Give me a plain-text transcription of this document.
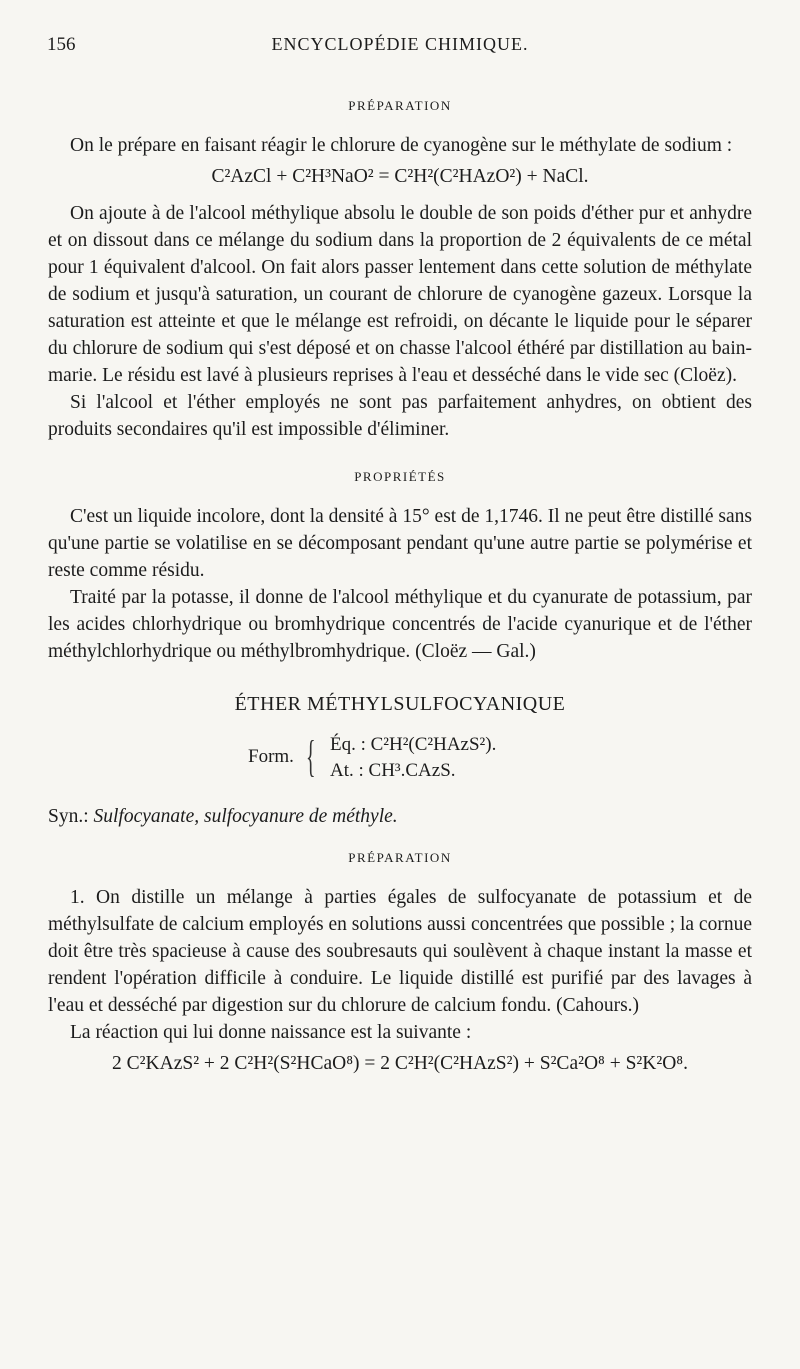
156	ENCYCLOPÉDIE CHIMIQUE.
PRÉPARATION

On le prépare en faisant réagir le chlorure de cyanogène sur le méthylate de sodium :

C²AzCl + C²H³NaO² = C²H²(C²HAzO²) + NaCl.

On ajoute à de l'alcool méthylique absolu le double de son poids d'éther pur et anhydre et on dissout dans ce mélange du sodium dans la proportion de 2 équivalents de ce métal pour 1 équivalent d'alcool. On fait alors passer lentement dans cette solution de méthylate de sodium et jusqu'à saturation, un courant de chlorure de cyanogène gazeux. Lorsque la saturation est atteinte et que le mélange est refroidi, on décante le liquide pour le séparer du chlorure de sodium qui s'est déposé et on chasse l'alcool éthéré par distillation au bain-marie. Le résidu est lavé à plusieurs reprises à l'eau et desséché dans le vide sec (Cloëz).

Si l'alcool et l'éther employés ne sont pas parfaitement anhydres, on obtient des produits secondaires qu'il est impossible d'éliminer.

PROPRIÉTÉS

C'est un liquide incolore, dont la densité à 15° est de 1,1746. Il ne peut être distillé sans qu'une partie se volatilise en se décomposant pendant qu'une autre partie se polymérise et reste comme résidu.

Traité par la potasse, il donne de l'alcool méthylique et du cyanurate de potassium, par les acides chlorhydrique ou bromhydrique concentrés de l'acide cyanurique et de l'éther méthylchlorhydrique ou méthylbromhydrique. (Cloëz — Gal.)

ÉTHER MÉTHYLSULFOCYANIQUE
Form. { Éq. : C²H²(C²HAzS²).
At. : CH³.CAzS.
Syn.: Sulfocyanate, sulfocyanure de méthyle.
PRÉPARATION

1. On distille un mélange à parties égales de sulfocyanate de potassium et de méthylsulfate de calcium employés en solutions aussi concentrées que possible ; la cornue doit être très spacieuse à cause des soubresauts qui soulèvent à chaque instant la masse et rendent l'opération difficile à conduire. Le liquide distillé est purifié par des lavages à l'eau et desséché par digestion sur du chlorure de calcium fondu. (Cahours.)

La réaction qui lui donne naissance est la suivante :

2 C²KAzS² + 2 C²H²(S²HCaO⁸) = 2 C²H²(C²HAzS²) + S²Ca²O⁸ + S²K²O⁸.
